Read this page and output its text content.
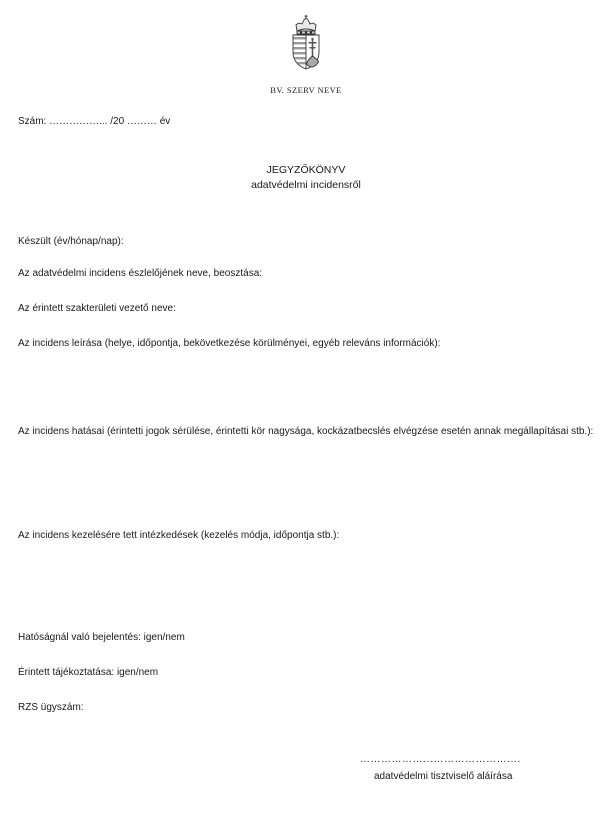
BV. SZERV NEVE
Szám: ……………... /20 ……… év
JEGYZŐKÖNYV
adatvédelmi incidensről
Készült (év/hónap/nap):
Az adatvédelmi incidens észlelőjének neve, beosztása:
Az érintett szakterületi vezető neve:
Az incidens leírása (helye, időpontja, bekövetkezése körülményei, egyéb releváns információk):
Az incidens hatásai (érintetti jogok sérülése, érintetti kör nagysága, kockázatbecslés elvégzése esetén annak megállapításai stb.):
Az incidens kezelésére tett intézkedések (kezelés módja, időpontja stb.):
Hatóságnál való bejelentés: igen/nem
Érintett tájékoztatása: igen/nem
RZS ügyszám:
……………………………………….
adatvédelmi tisztviselő aláírása
